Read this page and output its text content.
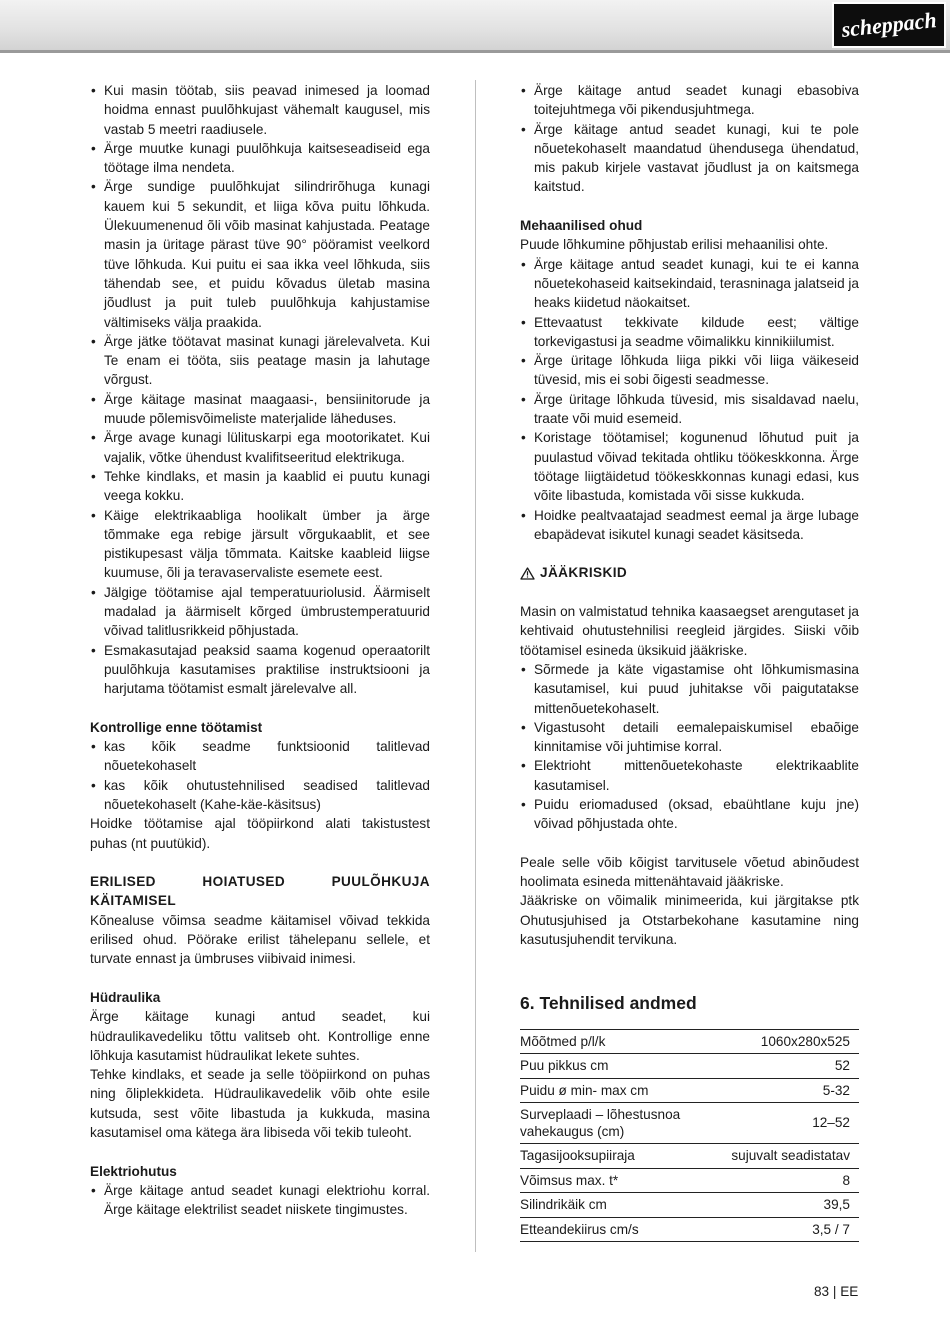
scheppach
• Kui masin töötab, siis peavad inimesed ja loomad hoidma ennast puulõhkujast vähemalt kaugusel, mis vastab 5 meetri raadiusele.
• Ärge muutke kunagi puulõhkuja kaitseseadiseid ega töötage ilma nendeta.
• Ärge sundige puulõhkujat silindrirõhuga kunagi kauem kui 5 sekundit, et liiga kõva puitu lõhkuda. Ülekuumenenud õli võib masinat kahjustada. Peatage masin ja üritage pärast tüve 90° pööramist veelkord tüve lõhkuda. Kui puitu ei saa ikka veel lõhkuda, siis tähendab see, et puidu kõvadus ületab masina jõudlust ja puit tuleb puulõhkuja kahjustamise vältimiseks välja praakida.
• Ärge jätke töötavat masinat kunagi järelevalveta. Kui Te enam ei tööta, siis peatage masin ja lahutage võrgust.
• Ärge käitage masinat maagaasi-, bensiinitorude ja muude põlemisvõimeliste materjalide läheduses.
• Ärge avage kunagi lülituskarpi ega mootorikatet. Kui vajalik, võtke ühendust kvalifitseeritud elektrikuga.
• Tehke kindlaks, et masin ja kaablid ei puutu kunagi veega kokku.
• Käige elektrikaabliga hoolikalt ümber ja ärge tõmmake ega rebige järsult võrgukaablit, et see pistikupesast välja tõmmata. Kaitske kaableid liigse kuumuse, õli ja teravaservaliste esemete eest.
• Jälgige töötamise ajal temperatuuriolusid. Äärmiselt madalad ja äärmiselt kõrged ümbrustemperatuurid võivad talitlusrikkeid põhjustada.
• Esmakasutajad peaksid saama kogenud operaatorilt puulõhkuja kasutamises praktilise instruktsiooni ja harjutama töötamist esmalt järelevalve all.

Kontrollige enne töötamist

• kas kõik seadme funktsioonid talitlevad nõuetekohaselt
• kas kõik ohutustehnilised seadised talitlevad nõuetekohaselt (Kahe-käe-käsitsus)

Hoidke töötamise ajal tööpiirkond alati takistustest puhas (nt puutükid).

ERILISED HOIATUSED PUULÕHKUJA KÄITAMISEL

Kõnealuse võimsa seadme käitamisel võivad tekkida erilised ohud. Pöörake erilist tähelepanu sellele, et turvate ennast ja ümbruses viibivaid inimesi.

Hüdraulika

Ärge käitage kunagi antud seadet, kui hüdraulikavedeliku tõttu valitseb oht. Kontrollige enne lõhkuja kasutamist hüdraulikat lekete suhtes.

Tehke kindlaks, et seade ja selle tööpiirkond on puhas ning õliplekkideta. Hüdraulikavedelik võib ohte esile kutsuda, sest võite libastuda ja kukkuda, masina kasutamisel oma kätega ära libiseda või tekib tuleoht.

Elektriohutus

• Ärge käitage antud seadet kunagi elektriohu korral. Ärge käitage elektrilist seadet niiskete tingimustes.
• Ärge käitage antud seadet kunagi ebasobiva toitejuhtmega või pikendusjuhtmega.
• Ärge käitage antud seadet kunagi, kui te pole nõuetekohaselt maandatud ühendusega ühendatud, mis pakub kirjele vastavat jõudlust ja on kaitsmega kaitstud.

Mehaanilised ohud

Puude lõhkumine põhjustab erilisi mehaanilisi ohte.

• Ärge käitage antud seadet kunagi, kui te ei kanna nõuetekohaseid kaitsekindaid, terasninaga jalatseid ja heaks kiidetud näokaitset.
• Ettevaatust tekkivate kildude eest; vältige torkevigastusi ja seadme võimalikku kinnikiilumist.
• Ärge üritage lõhkuda liiga pikki või liiga väikeseid tüvesid, mis ei sobi õigesti seadmesse.
• Ärge üritage lõhkuda tüvesid, mis sisaldavad naelu, traate või muid esemeid.
• Koristage töötamisel; kogunenud lõhutud puit ja puulastud võivad tekitada ohtliku töökeskkonna. Ärge töötage liigtäidetud töökeskkonnas kunagi edasi, kus võite libastuda, komistada või sisse kukkuda.
• Hoidke pealtvaatajad seadmest eemal ja ärge lubage ebapädevat isikutel kunagi seadet käsitseda.
JÄÄKRISKID

Masin on valmistatud tehnika kaasaegset arengutaset ja kehtivaid ohutustehnilisi reegleid järgides. Siiski võib töötamisel esineda üksikuid jääkriske.

• Sõrmede ja käte vigastamise oht lõhkumismasina kasutamisel, kui puud juhitakse või paigutatakse mittenõuetekohaselt.
• Vigastusoht detaili eemalepaiskumisel ebaõige kinnitamise või juhtimise korral.
• Elektrioht mittenõuetekohaste elektrikaablite kasutamisel.
• Puidu eriomadused (oksad, ebaühtlane kuju jne) võivad põhjustada ohte.

Peale selle võib kõigist tarvitusele võetud abinõudest hoolimata esineda mittenähtavaid jääkriske.

Jääkriske on võimalik minimeerida, kui järgitakse ptk Ohutusjuhised ja Otstarbekohane kasutamine ning kasutusjuhendit tervikuna.

6. Tehnilised andmed

Mõõtmed p/l/k	1060x280x525
Puu pikkus cm	52
Puidu ø min- max cm	5-32
Surveplaadi – lõhestusnoa vahekaugus (cm)	12–52
Tagasijooksupiiraja	sujuvalt seadistatav
Võimsus max. t*	8
Silindrikäik cm	39,5
Etteandekiirus cm/s	3,5 / 7
83 | EE
